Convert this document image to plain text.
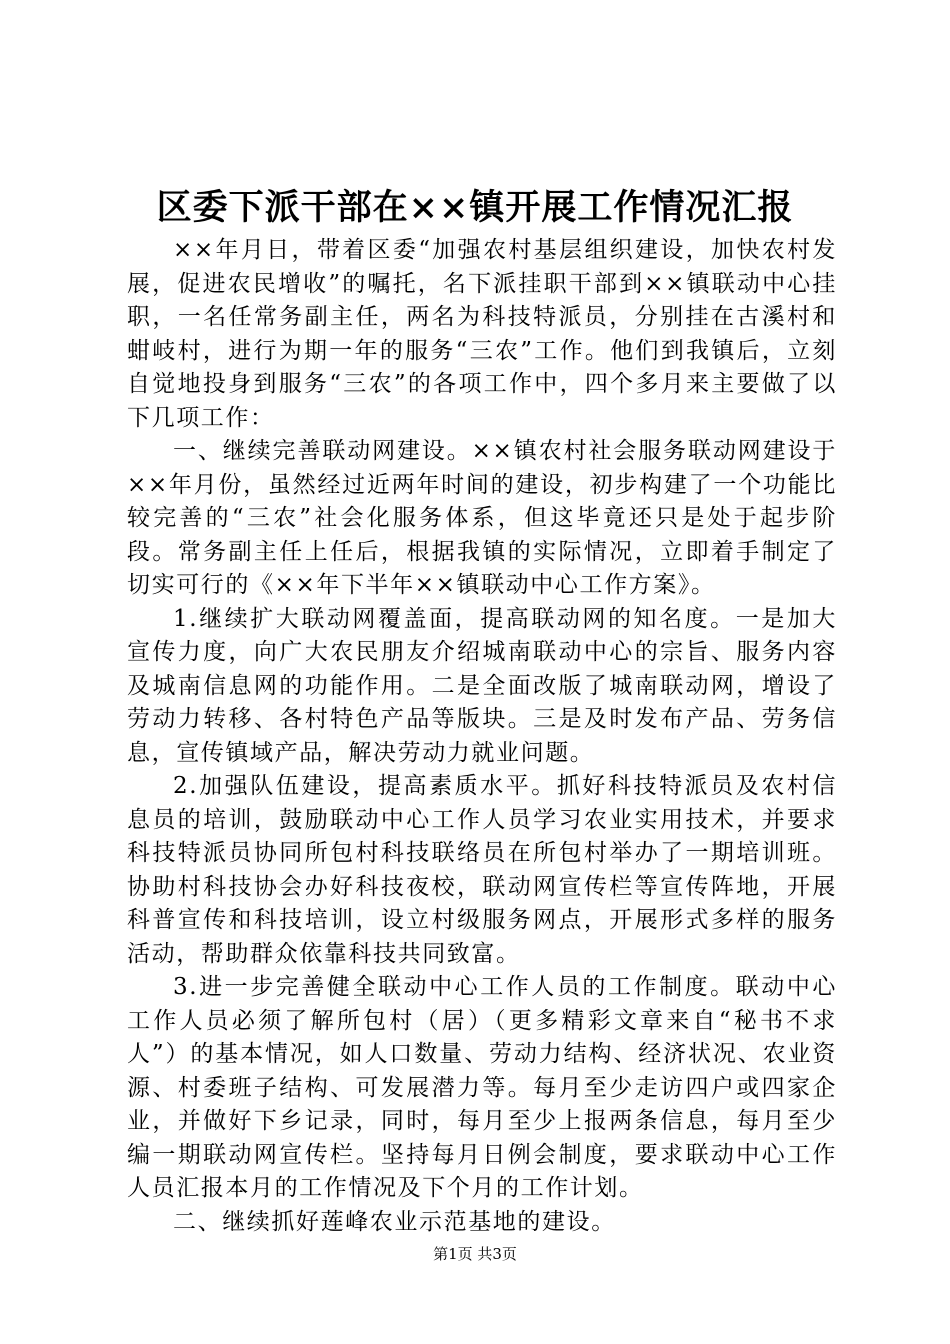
区委下派干部在××镇开展工作情况汇报

××年月日，带着区委“加强农村基层组织建设，加快农村发展，促进农民增收”的嘱托，名下派挂职干部到××镇联动中心挂职，一名任常务副主任，两名为科技特派员，分别挂在古溪村和蚶岐村，进行为期一年的服务“三农”工作。他们到我镇后，立刻自觉地投身到服务“三农”的各项工作中，四个多月来主要做了以下几项工作：

一、继续完善联动网建设。××镇农村社会服务联动网建设于××年月份，虽然经过近两年时间的建设，初步构建了一个功能比较完善的“三农”社会化服务体系，但这毕竟还只是处于起步阶段。常务副主任上任后，根据我镇的实际情况，立即着手制定了切实可行的《××年下半年××镇联动中心工作方案》。

1.继续扩大联动网覆盖面，提高联动网的知名度。一是加大宣传力度，向广大农民朋友介绍城南联动中心的宗旨、服务内容及城南信息网的功能作用。二是全面改版了城南联动网，增设了劳动力转移、各村特色产品等版块。三是及时发布产品、劳务信息，宣传镇域产品，解决劳动力就业问题。

2.加强队伍建设，提高素质水平。抓好科技特派员及农村信息员的培训，鼓励联动中心工作人员学习农业实用技术，并要求科技特派员协同所包村科技联络员在所包村举办了一期培训班。协助村科技协会办好科技夜校，联动网宣传栏等宣传阵地，开展科普宣传和科技培训，设立村级服务网点，开展形式多样的服务活动，帮助群众依靠科技共同致富。

3.进一步完善健全联动中心工作人员的工作制度。联动中心工作人员必须了解所包村（居）（更多精彩文章来自“秘书不求人”）的基本情况，如人口数量、劳动力结构、经济状况、农业资源、村委班子结构、可发展潜力等。每月至少走访四户或四家企业，并做好下乡记录，同时，每月至少上报两条信息，每月至少编一期联动网宣传栏。坚持每月日例会制度，要求联动中心工作人员汇报本月的工作情况及下个月的工作计划。

二、继续抓好莲峰农业示范基地的建设。

第1页 共3页
